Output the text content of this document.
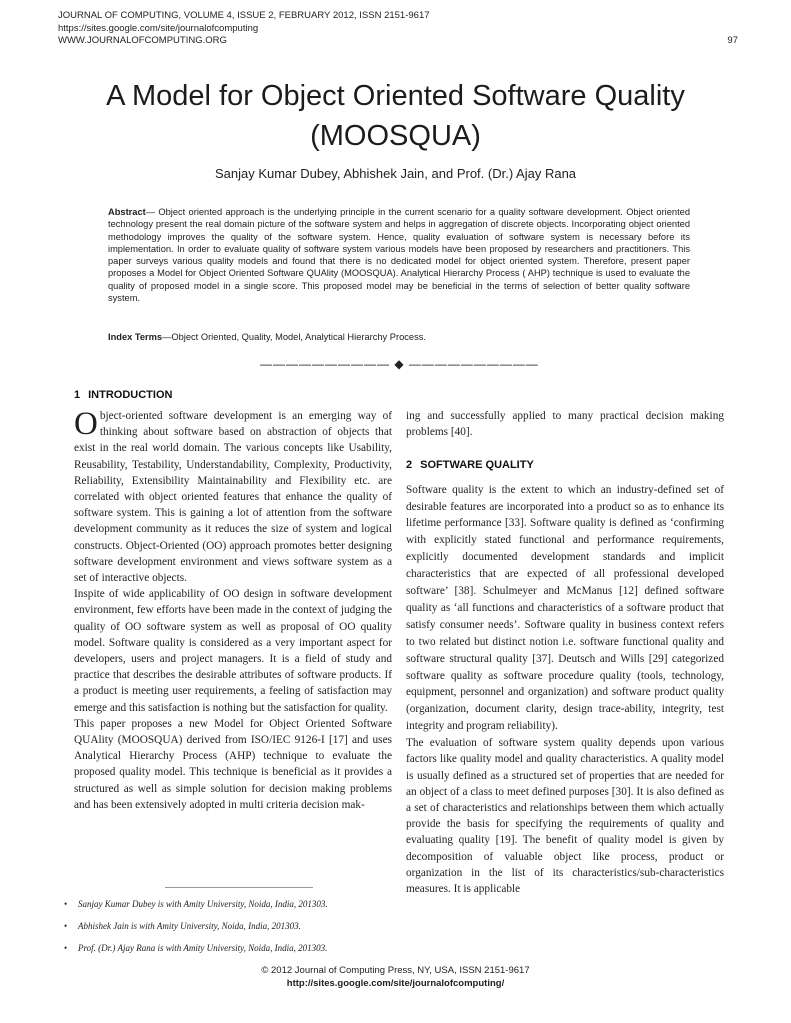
JOURNAL OF COMPUTING, VOLUME 4, ISSUE 2, FEBRUARY 2012, ISSN 2151-9617
https://sites.google.com/site/journalofcomputing
WWW.JOURNALOFCOMPUTING.ORG	97
A Model for Object Oriented Software Quality (MOOSQUA)
Sanjay Kumar Dubey, Abhishek Jain, and Prof. (Dr.) Ajay Rana
Abstract— Object oriented approach is the underlying principle in the current scenario for a quality software development. Object oriented technology present the real domain picture of the software system and helps in aggregation of discrete objects. Incorporating object oriented methodology improves the quality of the software system. Hence, quality evaluation of software system is necessary before its implementation. In order to evaluate quality of software system various models have been proposed by researchers and practitioners. This paper surveys various quality models and found that there is no dedicated model for object oriented system. Therefore, present paper proposes a Model for Object Oriented Software QUAlity (MOOSQUA). Analytical Hierarchy Process ( AHP) technique is used to evaluate the quality of proposed model in a single score. This proposed model may be beneficial in the terms of selection of better quality software system.
Index Terms—Object Oriented, Quality, Model, Analytical Hierarchy Process.
―――――――――― ◆ ――――――――――
1 INTRODUCTION

Object-oriented software development is an emerging way of thinking about software based on abstraction of objects that exist in the real world domain. The various concepts like Usability, Reusability, Testability, Understandability, Complexity, Productivity, Reliability, Extensibility Maintainability and Flexibility etc. are correlated with object oriented features that enhance the quality of software system. This is gaining a lot of attention from the software development community as it reduces the size of system and logical constructs. Object-Oriented (OO) approach promotes better designing software development environment and views software system as a set of interactive objects.

Inspite of wide applicability of OO design in software development environment, few efforts have been made in the context of judging the quality of OO software system as well as proposal of OO quality model. Software quality is considered as a very important aspect for developers, users and project managers. It is a field of study and practice that describes the desirable attributes of software products. If a product is meeting user requirements, a feeling of satisfaction may emerge and this satisfaction is nothing but the satisfaction for quality.

This paper proposes a new Model for Object Oriented Software QUAlity (MOOSQUA) derived from ISO/IEC 9126-I [17] and uses Analytical Hierarchy Process (AHP) technique to evaluate the proposed quality model. This technique is beneficial as it provides a structured as well as simple solution for decision making problems and has been extensively adopted in multi criteria decision mak-

ing and successfully applied to many practical decision making problems [40].

2 SOFTWARE QUALITY

Software quality is the extent to which an industry-defined set of desirable features are incorporated into a product so as to enhance its lifetime performance [33]. Software quality is defined as ‘confirming with explicitly stated functional and performance requirements, explicitly documented development standards and implicit characteristics that are expected of all professional developed software’ [38]. Schulmeyer and McManus [12] defined software quality as ‘all functions and characteristics of a software product that satisfy consumer needs’. Software quality in business context refers to two related but distinct notion i.e. software functional quality and software structural quality [37]. Deutsch and Wills [29] categorized software quality as software procedure quality (tools, technology, equipment, personnel and organization) and software product quality (organization, document clarity, design trace-ability, integrity, test integrity and program reliability).

The evaluation of software system quality depends upon various factors like quality model and quality characteristics. A quality model is usually defined as a structured set of properties that are needed for an object of a class to meet defined purposes [30]. It is also defined as a set of characteristics and relationships between them which actually provide the basis for specifying the requirements of quality and evaluating quality [19]. The benefit of quality model is given by decomposition of valuable object like process, product or organization in the list of its characteristics/sub-characteristics measures. It is applicable

• Sanjay Kumar Dubey is with Amity University, Noida, India, 201303.
• Abhishek Jain is with Amity University, Noida, India, 201303.
• Prof. (Dr.) Ajay Rana is with Amity University, Noida, India, 201303.
© 2012 Journal of Computing Press, NY, USA, ISSN 2151-9617
http://sites.google.com/site/journalofcomputing/
